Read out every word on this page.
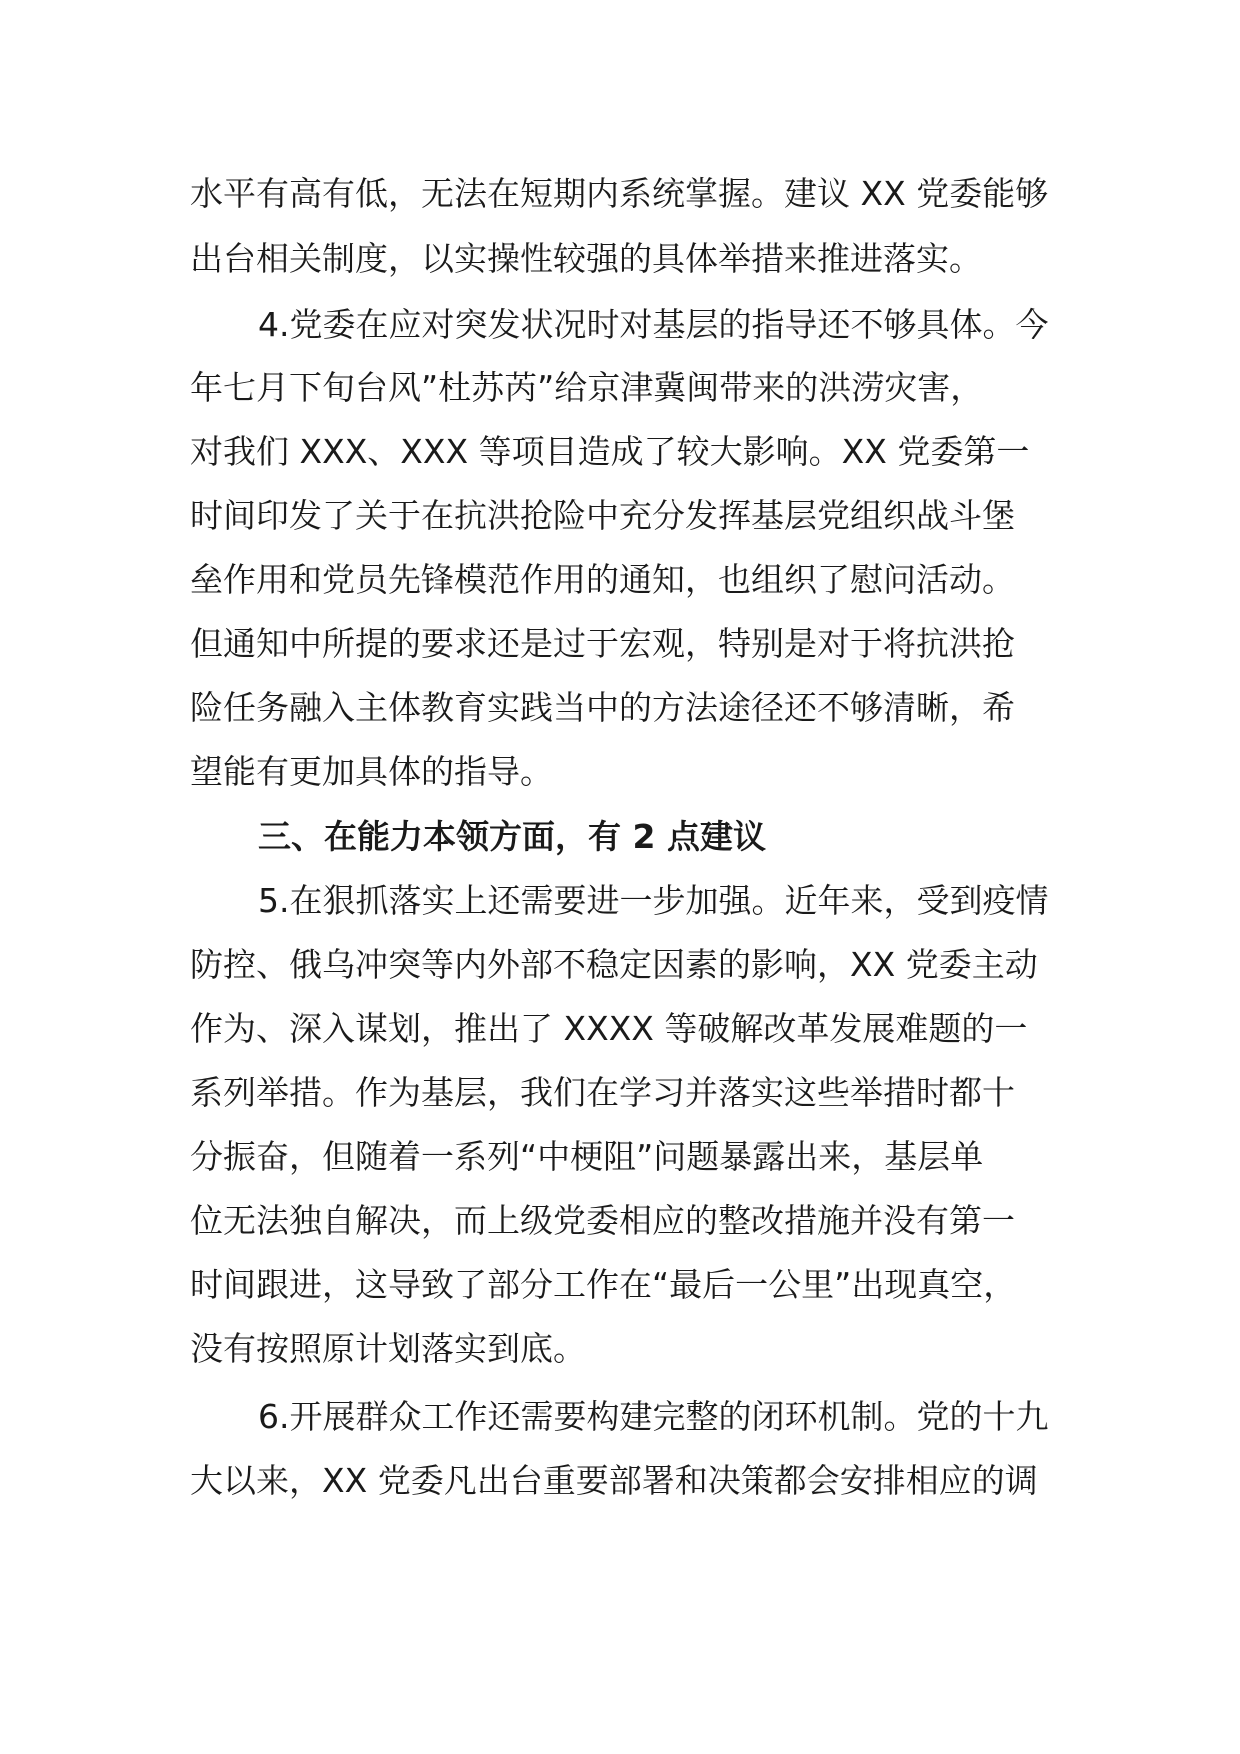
水平有高有低，无法在短期内系统掌握。建议 XX 党委能够
出台相关制度，以实操性较强的具体举措来推进落实。
4.党委在应对突发状况时对基层的指导还不够具体。今
年七月下旬台风”杜苏芮”给京津冀闽带来的洪涝灾害，
对我们 XXX、XXX 等项目造成了较大影响。XX 党委第一
时间印发了关于在抗洪抢险中充分发挥基层党组织战斗堡
垒作用和党员先锋模范作用的通知，也组织了慰问活动。
但通知中所提的要求还是过于宏观，特别是对于将抗洪抢
险任务融入主体教育实践当中的方法途径还不够清晰，希
望能有更加具体的指导。
三、在能力本领方面，有 2 点建议
5.在狠抓落实上还需要进一步加强。近年来，受到疫情
防控、俄乌冲突等内外部不稳定因素的影响，XX 党委主动
作为、深入谋划，推出了 XXXX 等破解改革发展难题的一
系列举措。作为基层，我们在学习并落实这些举措时都十
分振奋，但随着一系列“中梗阻”问题暴露出来，基层单
位无法独自解决，而上级党委相应的整改措施并没有第一
时间跟进，这导致了部分工作在“最后一公里”出现真空，
没有按照原计划落实到底。
6.开展群众工作还需要构建完整的闭环机制。党的十九
大以来，XX 党委凡出台重要部署和决策都会安排相应的调
